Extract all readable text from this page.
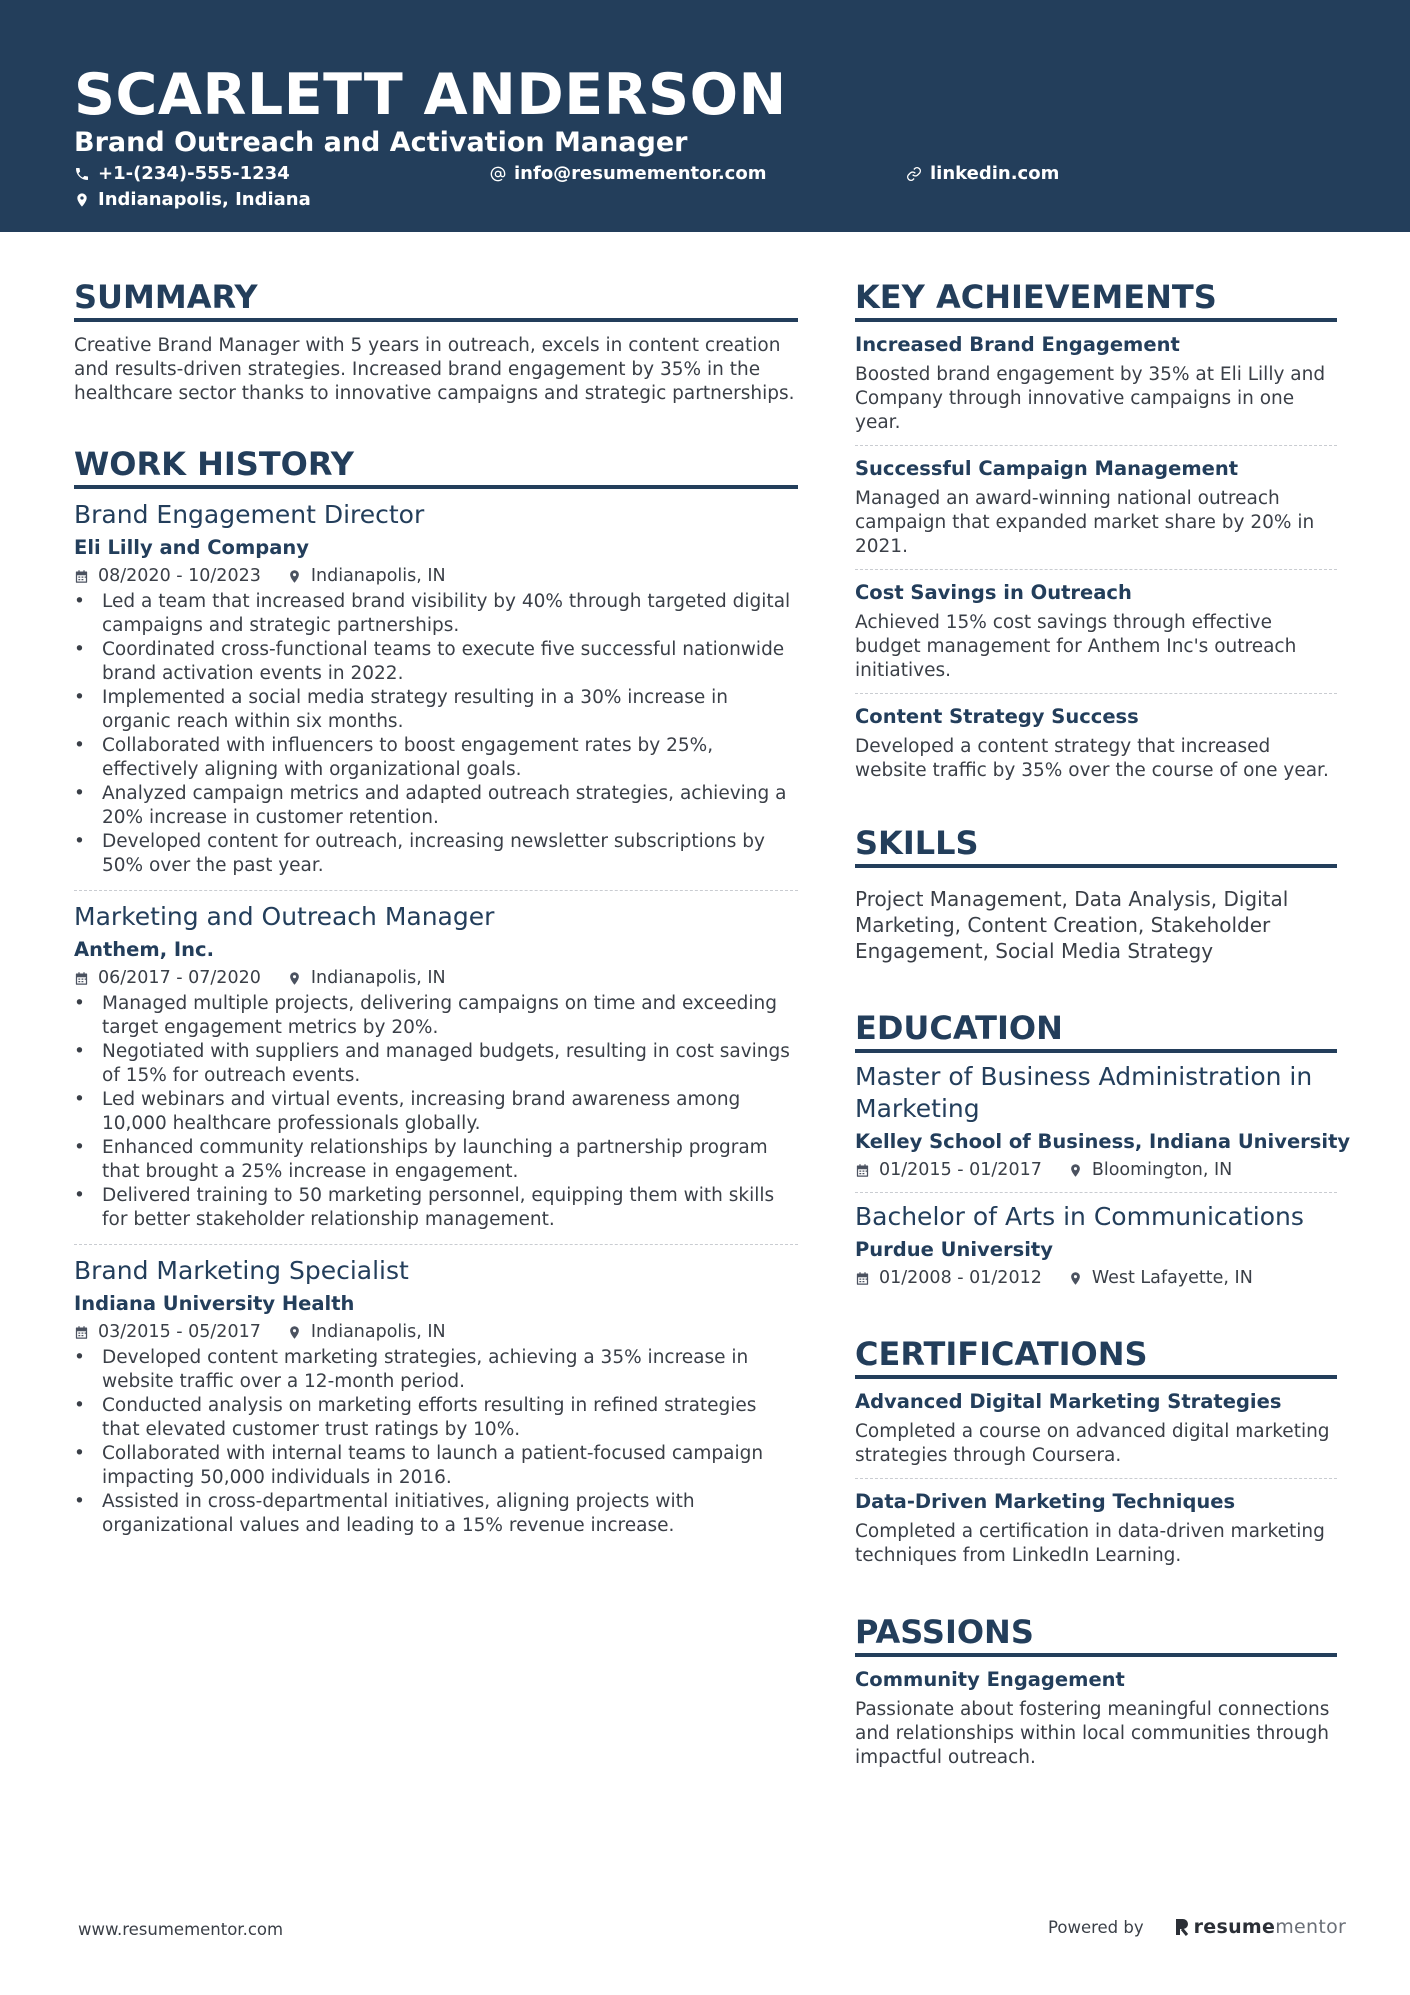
SCARLETT ANDERSON
Brand Outreach and Activation Manager
+1-(234)-555-1234	info@resumementor.com	linkedin.com
Indianapolis, Indiana
SUMMARY
Creative Brand Manager with 5 years in outreach, excels in content creation and results-driven strategies. Increased brand engagement by 35% in the healthcare sector thanks to innovative campaigns and strategic partnerships.
WORK HISTORY
Brand Engagement Director
Eli Lilly and Company
08/2020 - 10/2023	Indianapolis, IN
• Led a team that increased brand visibility by 40% through targeted digital campaigns and strategic partnerships.
• Coordinated cross-functional teams to execute five successful nationwide brand activation events in 2022.
• Implemented a social media strategy resulting in a 30% increase in organic reach within six months.
• Collaborated with influencers to boost engagement rates by 25%, effectively aligning with organizational goals.
• Analyzed campaign metrics and adapted outreach strategies, achieving a 20% increase in customer retention.
• Developed content for outreach, increasing newsletter subscriptions by 50% over the past year.
Marketing and Outreach Manager
Anthem, Inc.
06/2017 - 07/2020	Indianapolis, IN
• Managed multiple projects, delivering campaigns on time and exceeding target engagement metrics by 20%.
• Negotiated with suppliers and managed budgets, resulting in cost savings of 15% for outreach events.
• Led webinars and virtual events, increasing brand awareness among 10,000 healthcare professionals globally.
• Enhanced community relationships by launching a partnership program that brought a 25% increase in engagement.
• Delivered training to 50 marketing personnel, equipping them with skills for better stakeholder relationship management.
Brand Marketing Specialist
Indiana University Health
03/2015 - 05/2017	Indianapolis, IN
• Developed content marketing strategies, achieving a 35% increase in website traffic over a 12-month period.
• Conducted analysis on marketing efforts resulting in refined strategies that elevated customer trust ratings by 10%.
• Collaborated with internal teams to launch a patient-focused campaign impacting 50,000 individuals in 2016.
• Assisted in cross-departmental initiatives, aligning projects with organizational values and leading to a 15% revenue increase.
KEY ACHIEVEMENTS
Increased Brand Engagement
Boosted brand engagement by 35% at Eli Lilly and Company through innovative campaigns in one year.
Successful Campaign Management
Managed an award-winning national outreach campaign that expanded market share by 20% in 2021.
Cost Savings in Outreach
Achieved 15% cost savings through effective budget management for Anthem Inc's outreach initiatives.
Content Strategy Success
Developed a content strategy that increased website traffic by 35% over the course of one year.
SKILLS
Project Management, Data Analysis, Digital Marketing, Content Creation, Stakeholder Engagement, Social Media Strategy
EDUCATION
Master of Business Administration in Marketing
Kelley School of Business, Indiana University
01/2015 - 01/2017	Bloomington, IN
Bachelor of Arts in Communications
Purdue University
01/2008 - 01/2012	West Lafayette, IN
CERTIFICATIONS
Advanced Digital Marketing Strategies
Completed a course on advanced digital marketing strategies through Coursera.
Data-Driven Marketing Techniques
Completed a certification in data-driven marketing techniques from LinkedIn Learning.
PASSIONS
Community Engagement
Passionate about fostering meaningful connections and relationships within local communities through impactful outreach.
www.resumementor.com	Powered by	resume mentor
